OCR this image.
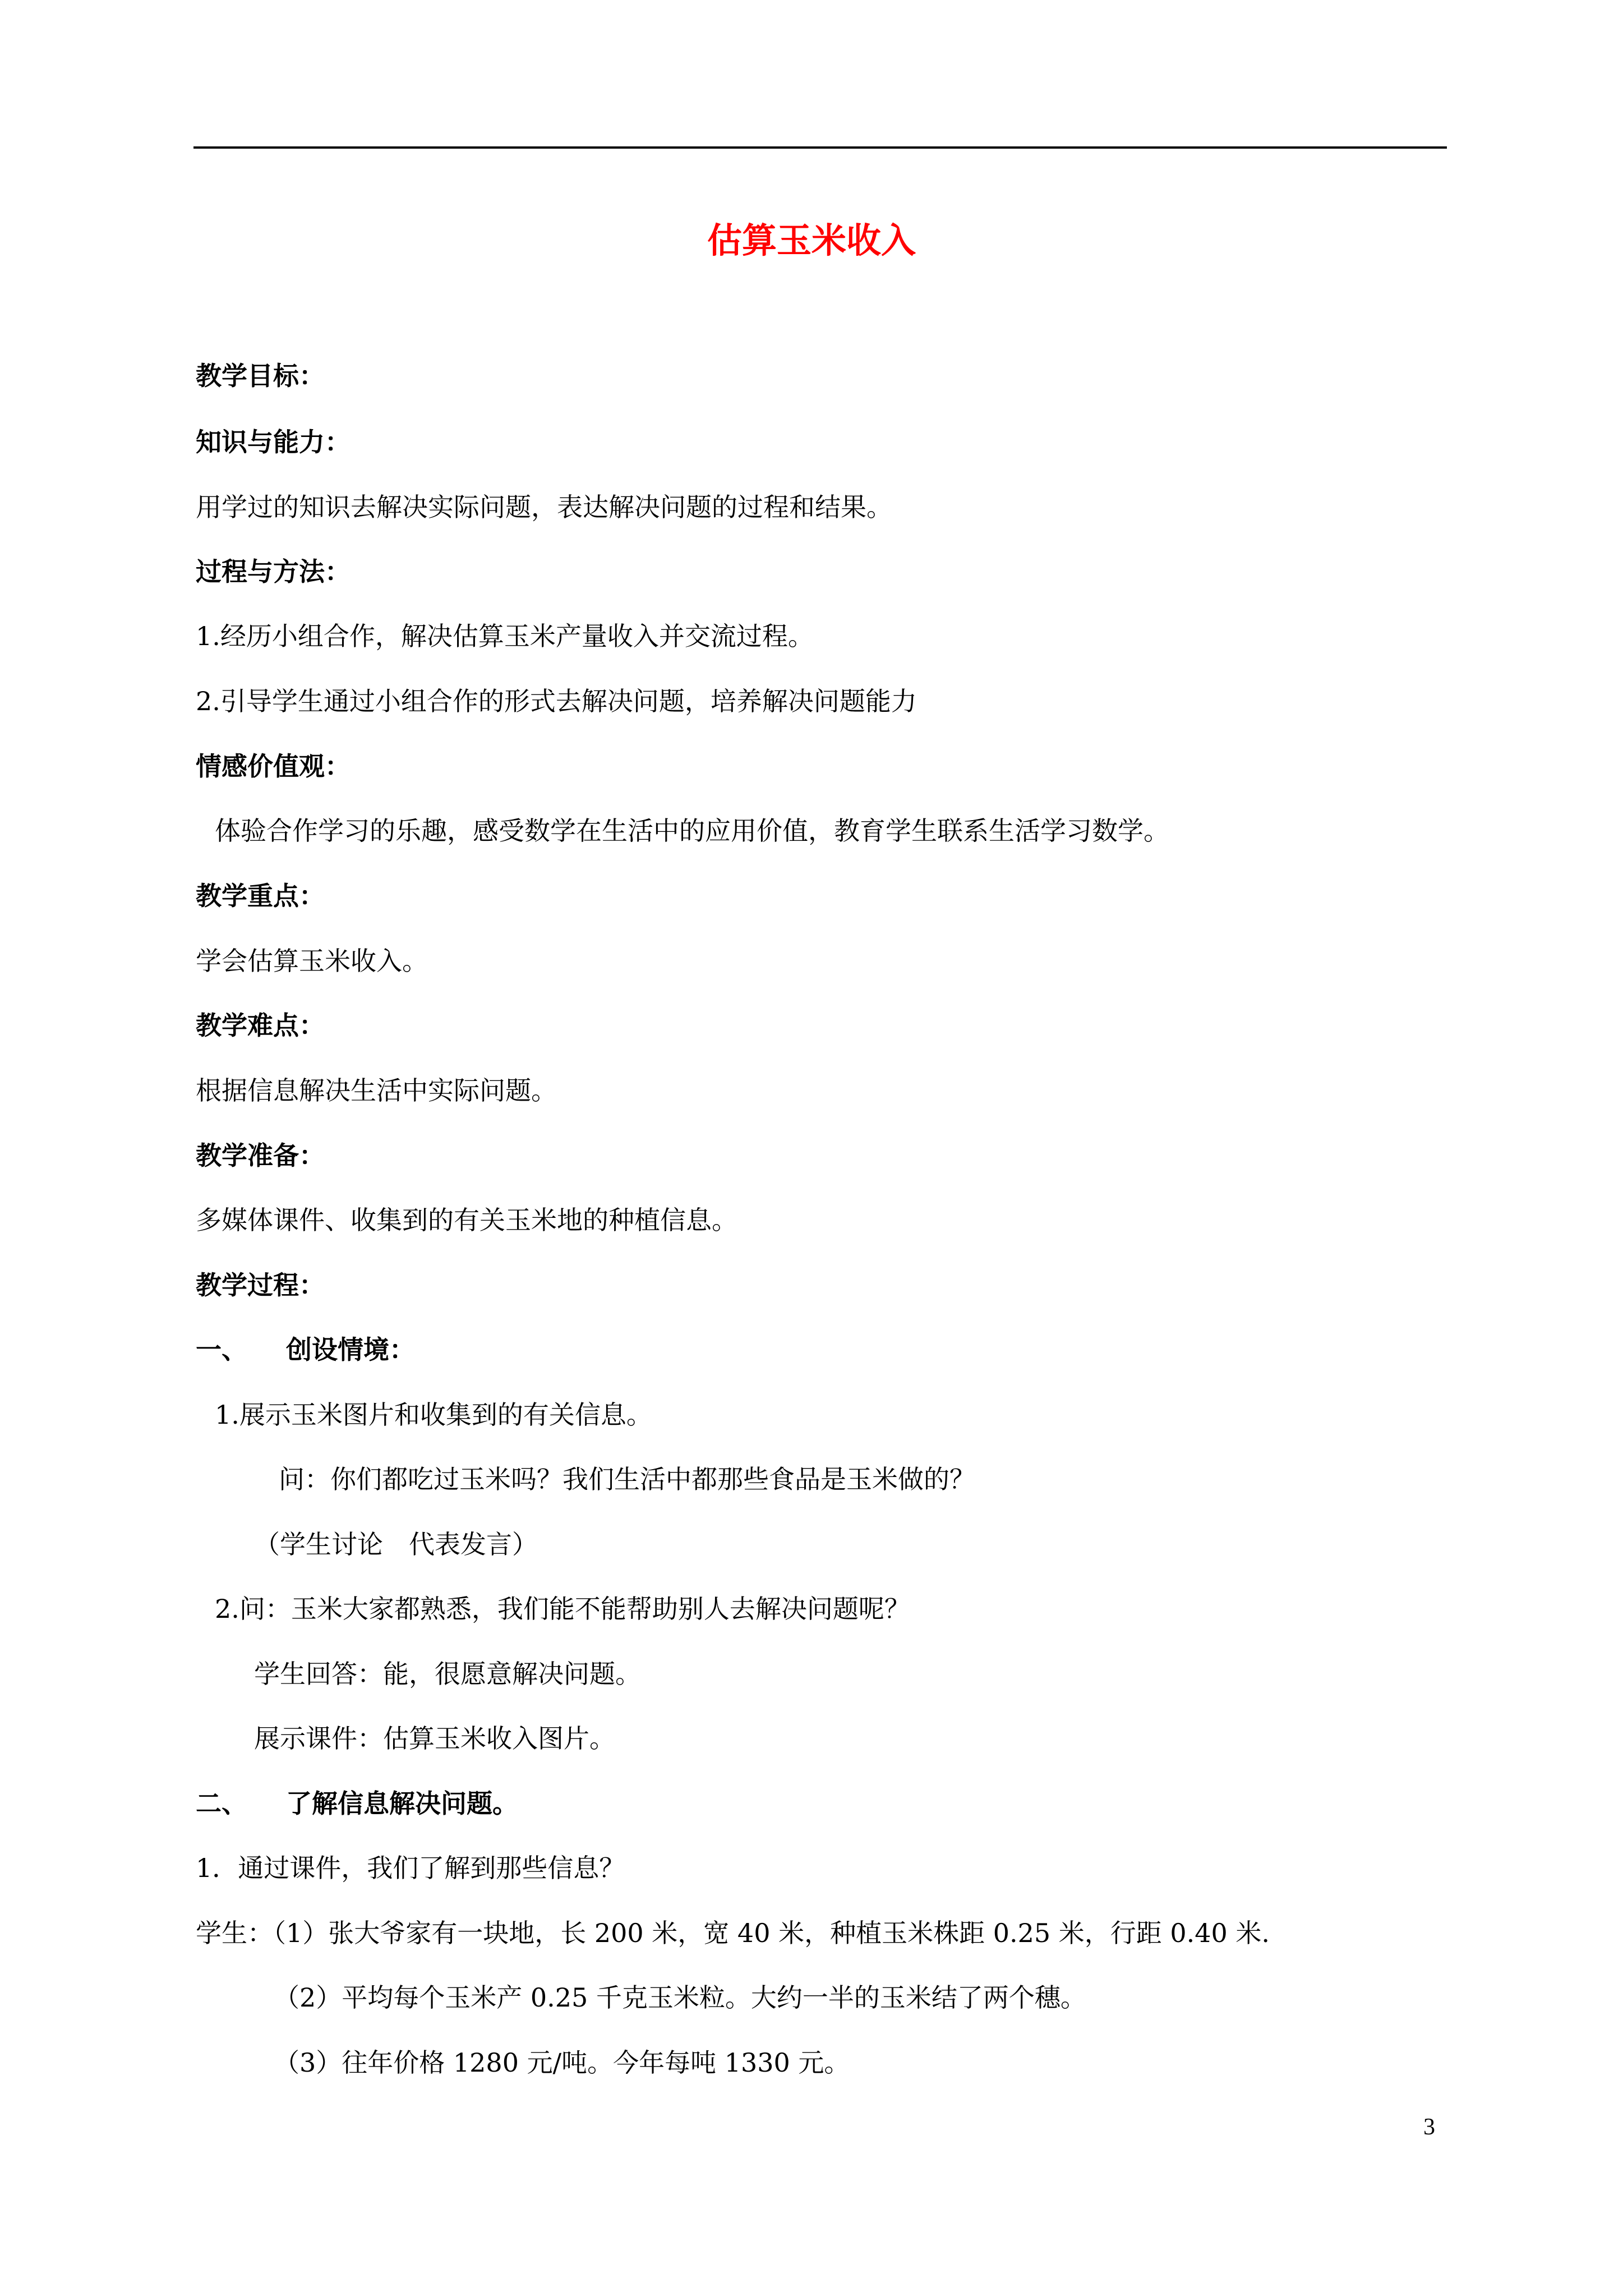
估算玉米收入
教学目标：
知识与能力：
用学过的知识去解决实际问题，表达解决问题的过程和结果。
过程与方法：
1.经历小组合作，解决估算玉米产量收入并交流过程。
2.引导学生通过小组合作的形式去解决问题，培养解决问题能力
情感价值观：
体验合作学习的乐趣，感受数学在生活中的应用价值，教育学生联系生活学习数学。
教学重点：
学会估算玉米收入。
教学难点：
根据信息解决生活中实际问题。
教学准备：
多媒体课件、收集到的有关玉米地的种植信息。
教学过程：
一、　　创设情境：
1.展示玉米图片和收集到的有关信息。
问：你们都吃过玉米吗？我们生活中都那些食品是玉米做的？
（学生讨论　代表发言）
2.问：玉米大家都熟悉，我们能不能帮助别人去解决问题呢？
学生回答：能，很愿意解决问题。
展示课件：估算玉米收入图片。
二、　　了解信息解决问题。
1．通过课件，我们了解到那些信息？
学生：（1）张大爷家有一块地，长 200 米，宽 40 米，种植玉米株距 0.25 米，行距 0.40 米.
（2）平均每个玉米产 0.25 千克玉米粒。大约一半的玉米结了两个穗。
（3）往年价格 1280 元/吨。今年每吨 1330 元。
3
